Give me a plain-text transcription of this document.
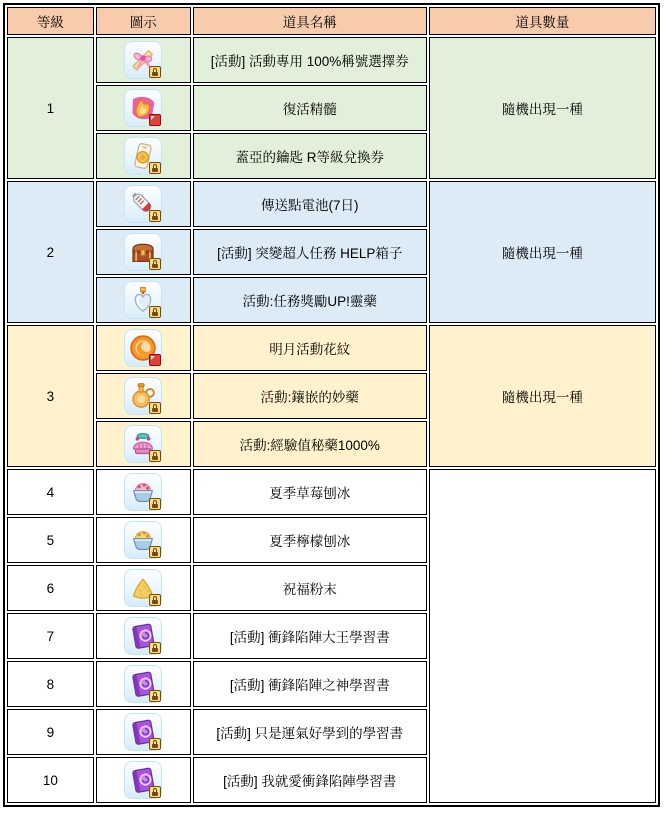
等級	圖示	道具名稱	道具數量
1		[活動] 活動專用 100%稱號選擇券	隨機出現一種

	復活精髓	

	蓋亞的鑰匙 R等級兌換券	
2		傳送點電池(7日)	隨機出現一種

	[活動] 突變超人任務 HELP箱子	

	活動:任務獎勵UP!靈藥	
3		明月活動花紋	隨機出現一種

	活動:鑲嵌的妙藥	

	活動:經驗值秘藥1000%	
4		夏季草莓刨冰	
5		夏季檸檬刨冰	
6		祝福粉末	
7		[活動] 衝鋒陷陣大王學習書	
8		[活動] 衝鋒陷陣之神學習書	
9		[活動] 只是運氣好學到的學習書	
10		[活動] 我就愛衝鋒陷陣學習書	
